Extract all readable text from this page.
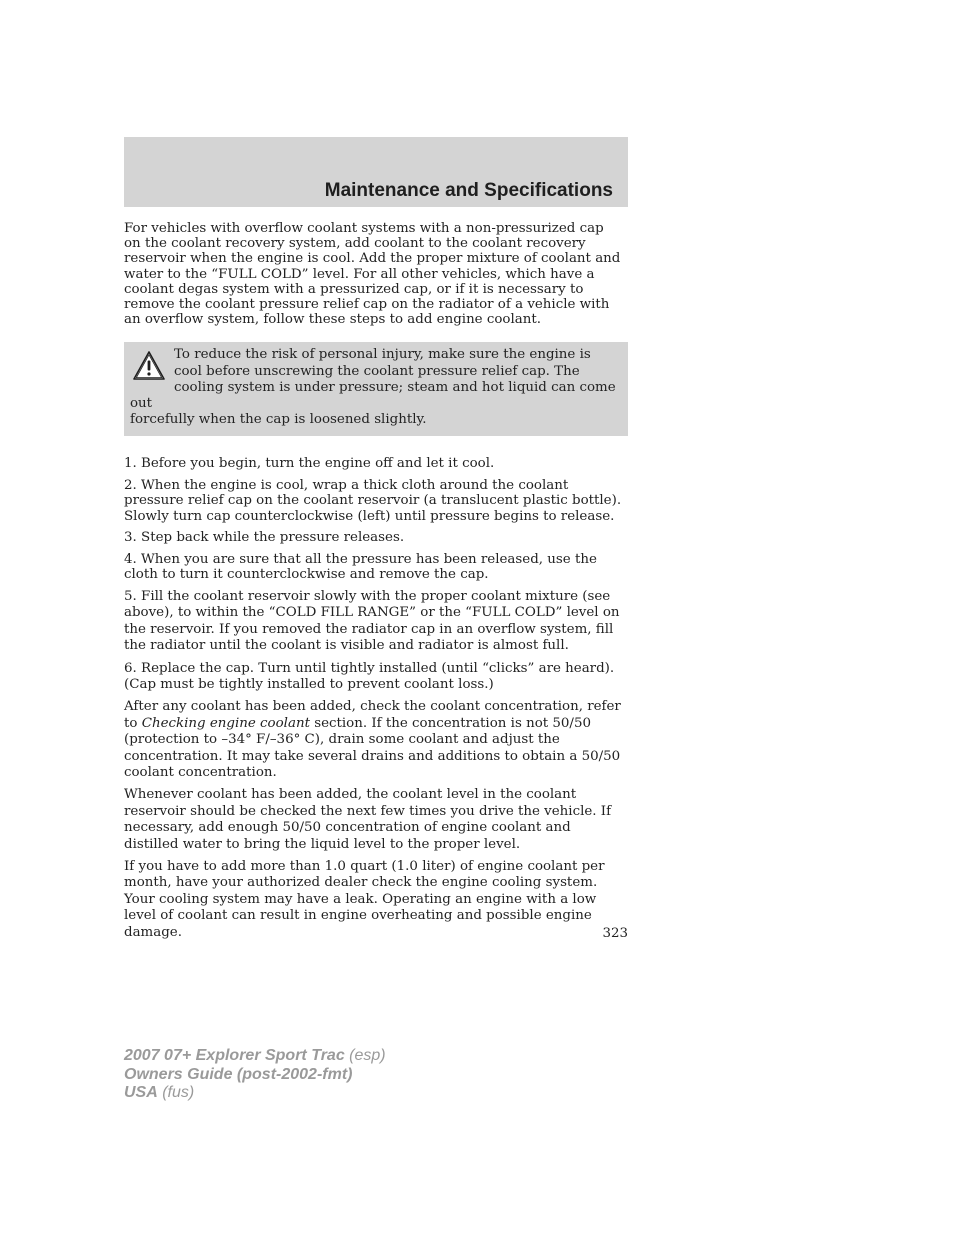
Maintenance and Specifications

For vehicles with overflow coolant systems with a non-pressurized cap
on the coolant recovery system, add coolant to the coolant recovery
reservoir when the engine is cool. Add the proper mixture of coolant and
water to the “FULL COLD” level. For all other vehicles, which have a
coolant degas system with a pressurized cap, or if it is necessary to
remove the coolant pressure relief cap on the radiator of a vehicle with
an overflow system, follow these steps to add engine coolant.

To reduce the risk of personal injury, make sure the engine is
cool before unscrewing the coolant pressure relief cap. The
cooling system is under pressure; steam and hot liquid can come out
forcefully when the cap is loosened slightly.
1. Before you begin, turn the engine off and let it cool.
2. When the engine is cool, wrap a thick cloth around the coolant
pressure relief cap on the coolant reservoir (a translucent plastic bottle).
Slowly turn cap counterclockwise (left) until pressure begins to release.
3. Step back while the pressure releases.
4. When you are sure that all the pressure has been released, use the
cloth to turn it counterclockwise and remove the cap.
5. Fill the coolant reservoir slowly with the proper coolant mixture (see
above), to within the “COLD FILL RANGE” or the “FULL COLD” level on
the reservoir. If you removed the radiator cap in an overflow system, fill
the radiator until the coolant is visible and radiator is almost full.
6. Replace the cap. Turn until tightly installed (until “clicks” are heard).
(Cap must be tightly installed to prevent coolant loss.)
After any coolant has been added, check the coolant concentration, refer
to Checking engine coolant section. If the concentration is not 50/50
(protection to –34° F/–36° C), drain some coolant and adjust the
concentration. It may take several drains and additions to obtain a 50/50
coolant concentration.
Whenever coolant has been added, the coolant level in the coolant
reservoir should be checked the next few times you drive the vehicle. If
necessary, add enough 50/50 concentration of engine coolant and
distilled water to bring the liquid level to the proper level.
If you have to add more than 1.0 quart (1.0 liter) of engine coolant per
month, have your authorized dealer check the engine cooling system.
Your cooling system may have a leak. Operating an engine with a low
level of coolant can result in engine overheating and possible engine
damage.	323
2007 07+ Explorer Sport Trac (esp)
Owners Guide (post-2002-fmt)
USA (fus)
